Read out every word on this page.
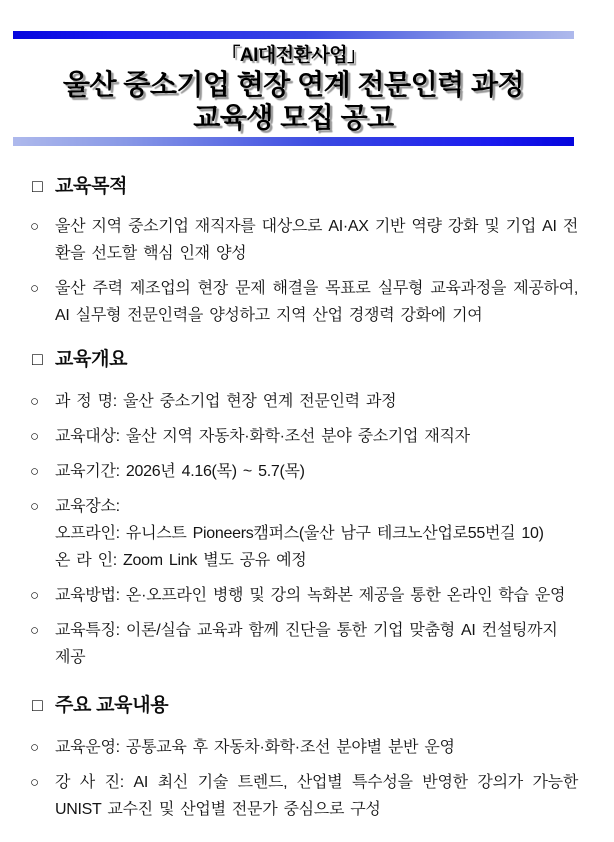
「AI대전환사업」
울산 중소기업 현장 연계 전문인력 과정
교육생 모집 공고
□ 교육목적
○	울산 지역 중소기업 재직자를 대상으로 AI·AX 기반 역량 강화 및 기업 AI 전환을 선도할 핵심 인재 양성
○	울산 주력 제조업의 현장 문제 해결을 목표로 실무형 교육과정을 제공하여, AI 실무형 전문인력을 양성하고 지역 산업 경쟁력 강화에 기여
□ 교육개요
○	과 정 명: 울산 중소기업 현장 연계 전문인력 과정
○	교육대상: 울산 지역 자동차·화학·조선 분야 중소기업 재직자
○	교육기간: 2026년 4.16(목) ~ 5.7(목)
○	교육장소:
오프라인: 유니스트 Pioneers캠퍼스(울산 남구 테크노산업로55번길 10)
온 라 인: Zoom Link 별도 공유 예정
○	교육방법: 온·오프라인 병행 및 강의 녹화본 제공을 통한 온라인 학습 운영
○	교육특징: 이론/실습 교육과 함께 진단을 통한 기업 맞춤형 AI 컨설팅까지 제공
□ 주요 교육내용
○	교육운영: 공통교육 후 자동차·화학·조선 분야별 분반 운영
○	강 사 진: AI 최신 기술 트렌드, 산업별 특수성을 반영한 강의가 가능한 UNIST 교수진 및 산업별 전문가 중심으로 구성
